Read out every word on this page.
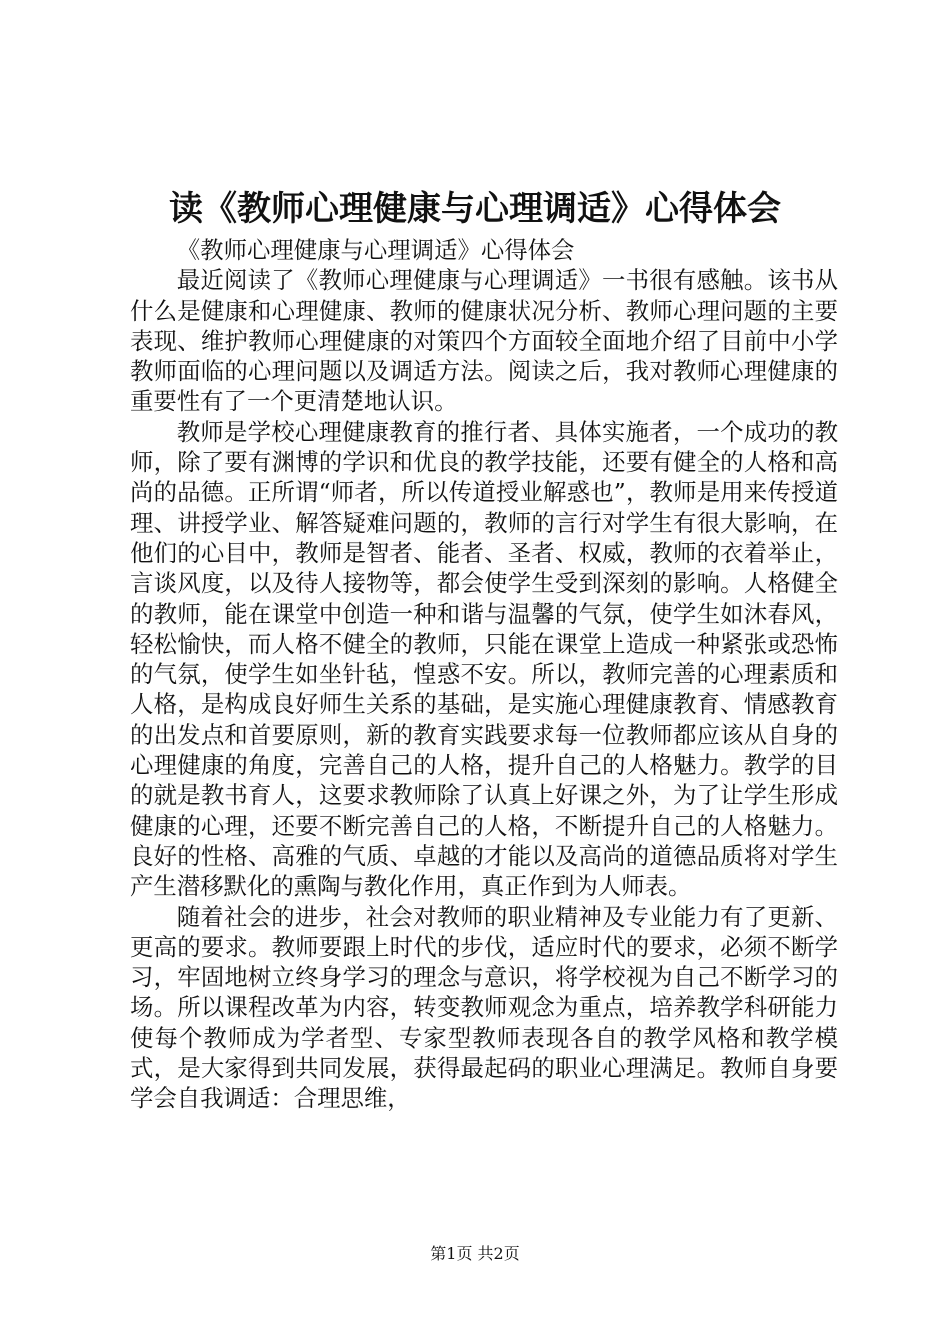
读《教师心理健康与心理调适》心得体会

《教师心理健康与心理调适》心得体会

最近阅读了《教师心理健康与心理调适》一书很有感触。该书从什么是健康和心理健康、教师的健康状况分析、教师心理问题的主要表现、维护教师心理健康的对策四个方面较全面地介绍了目前中小学教师面临的心理问题以及调适方法。阅读之后，我对教师心理健康的重要性有了一个更清楚地认识。

教师是学校心理健康教育的推行者、具体实施者，一个成功的教师，除了要有渊博的学识和优良的教学技能，还要有健全的人格和高尚的品德。正所谓“师者，所以传道授业解惑也”，教师是用来传授道理、讲授学业、解答疑难问题的，教师的言行对学生有很大影响，在他们的心目中，教师是智者、能者、圣者、权威，教师的衣着举止，言谈风度，以及待人接物等，都会使学生受到深刻的影响。人格健全的教师，能在课堂中创造一种和谐与温馨的气氛，使学生如沐春风，轻松愉快，而人格不健全的教师，只能在课堂上造成一种紧张或恐怖的气氛，使学生如坐针毡，惶惑不安。所以，教师完善的心理素质和人格，是构成良好师生关系的基础，是实施心理健康教育、情感教育的出发点和首要原则，新的教育实践要求每一位教师都应该从自身的心理健康的角度，完善自己的人格，提升自己的人格魅力。教学的目的就是教书育人，这要求教师除了认真上好课之外，为了让学生形成健康的心理，还要不断完善自己的人格，不断提升自己的人格魅力。良好的性格、高雅的气质、卓越的才能以及高尚的道德品质将对学生产生潜移默化的熏陶与教化作用，真正作到为人师表。

随着社会的进步，社会对教师的职业精神及专业能力有了更新、更高的要求。教师要跟上时代的步伐，适应时代的要求，必须不断学习，牢固地树立终身学习的理念与意识，将学校视为自己不断学习的场。所以课程改革为内容，转变教师观念为重点，培养教学科研能力使每个教师成为学者型、专家型教师表现各自的教学风格和教学模式，是大家得到共同发展，获得最起码的职业心理满足。教师自身要学会自我调适：合理思维，

第1页 共2页
